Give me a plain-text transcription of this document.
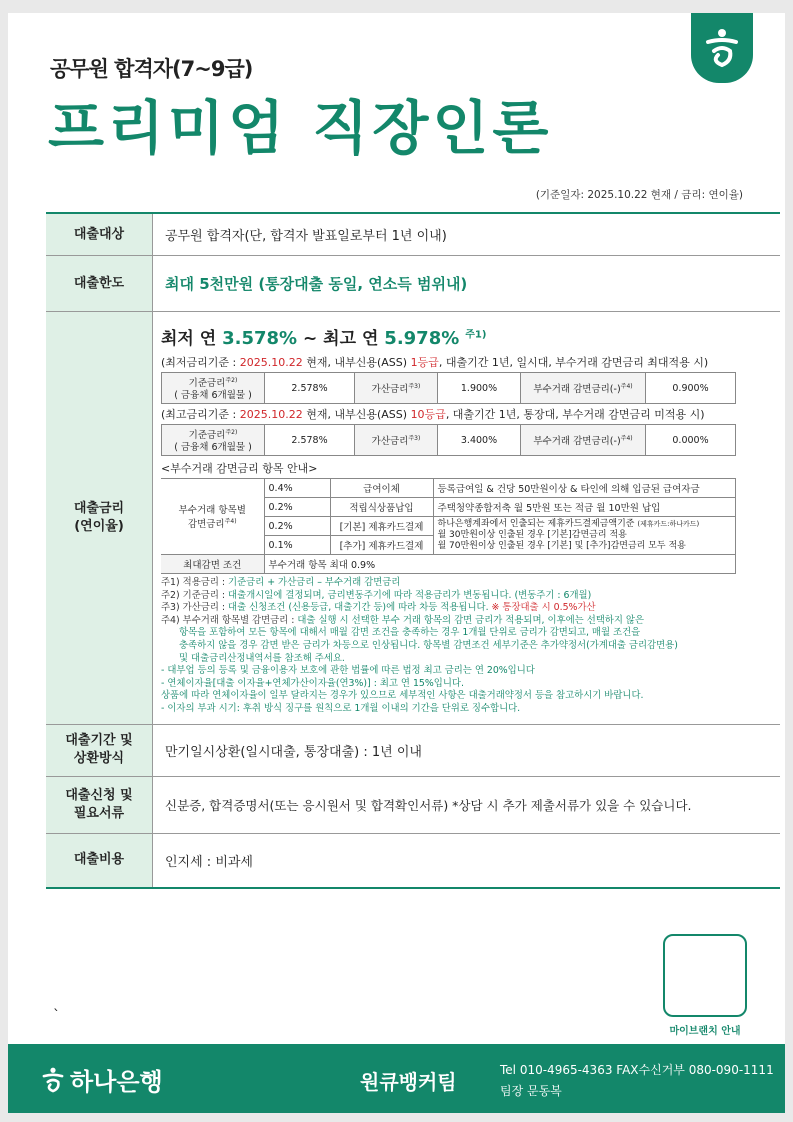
공무원 합격자(7~9급)
프리미엄 직장인론
(기준일자: 2025.10.22 현재 / 금리: 연이율)
대출대상	공무원 합격자(단, 합격자 발표일로부터 1년 이내)
대출한도	최대 5천만원 (통장대출 동일, 연소득 범위내)
대출금리
(연이율)
최저 연 3.578% ~ 최고 연 5.978% $^{주1)}$
(최저금리기준 : 2025.10.22 현재, 내부신용(ASS) 1등급, 대출기간 1년, 일시대, 부수거래 감면금리 최대적용 시)
기준금리$^{주2)}$
( 금융채 6개월물 )	2.578%	가산금리$^{주3)}$	1.900%	부수거래 감면금리$(-)^{주4)}$	0.900%
(최고금리기준 : 2025.10.22 현재, 내부신용(ASS) 10등급, 대출기간 1년, 통장대, 부수거래 감면금리 미적용 시)
기준금리$^{주2)}$
( 금융채 6개월물 )	2.578%	가산금리$^{주3)}$	3.400%	부수거래 감면금리$(-)^{주4)}$	0.000%
<부수거래 감면금리 항목 안내>
부수거래 항목별
감면금리$^{주4)}$	0.4%	급여이체	등록급여일 & 건당 50만원이상 & 타인에 의해 입금된 급여자금
	0.2%	적립식상품납입	주택청약종합저축 월 5만원 또는 적금 월 10만원 납입
	0.2%	[기본] 제휴카드결제	하나은행계좌에서 인출되는 제휴카드결제금액기준 (제휴카드:하나카드)
월 30만원이상 인출된 경우 [기본]감면금리 적용
월 70만원이상 인출된 경우 [기본] 및 [추가]감면금리 모두 적용
	0.1%	[추가] 제휴카드결제	
최대감면 조건	부수거래 항목 최대 0.9%		
주1) 적용금리 : 기준금리 + 가산금리 – 부수거래 감면금리
주2) 기준금리 : 대출개시일에 결정되며, 금리변동주기에 따라 적용금리가 변동됩니다. (변동주기 : 6개월)
주3) 가산금리 : 대출 신청조건 (신용등급, 대출기간 등)에 따라 차등 적용됩니다. ※ 통장대출 시 0.5%가산
주4) 부수거래 항목별 감면금리 : 대출 실행 시 선택한 부수 거래 항목의 감면 금리가 적용되며, 이후에는 선택하지 않은
항목을 포함하여 모든 항목에 대해서 매월 감면 조건을 충족하는 경우 1개월 단위로 금리가 감면되고, 매월 조건을
충족하지 않을 경우 감면 받은 금리가 차등으로 인상됩니다. 항목별 감면조건 세부기준은 추가약정서(가계대출 금리감면용)
및 대출금리산정내역서를 참조해 주세요.
- 대부업 등의 등록 및 금융이용자 보호에 관한 법률에 따른 법정 최고 금리는 연 20%입니다
- 연체이자율[대출 이자율+연체가산이자율(연3%)] : 최고 연 15%입니다.
상품에 따라 연체이자율이 일부 달라지는 경우가 있으므로 세부적인 사항은 대출거래약정서 등을 참고하시기 바랍니다.
- 이자의 부과 시기: 후취 방식 징구를 원칙으로 1개월 이내의 기간을 단위로 징수합니다.
대출기간 및
상환방식	만기일시상환(일시대출, 통장대출) : 1년 이내
대출신청 및
필요서류
신분증, 합격증명서(또는 응시원서 및 합격확인서류) *상담 시 추가 제출서류가 있을 수 있습니다.
대출비용	인지세 : 비과세
`
마이브랜치 안내
하나은행	원큐뱅커팀	Tel 010-4965-4363 FAX수신거부 080-090-1111
팀장 문동복
